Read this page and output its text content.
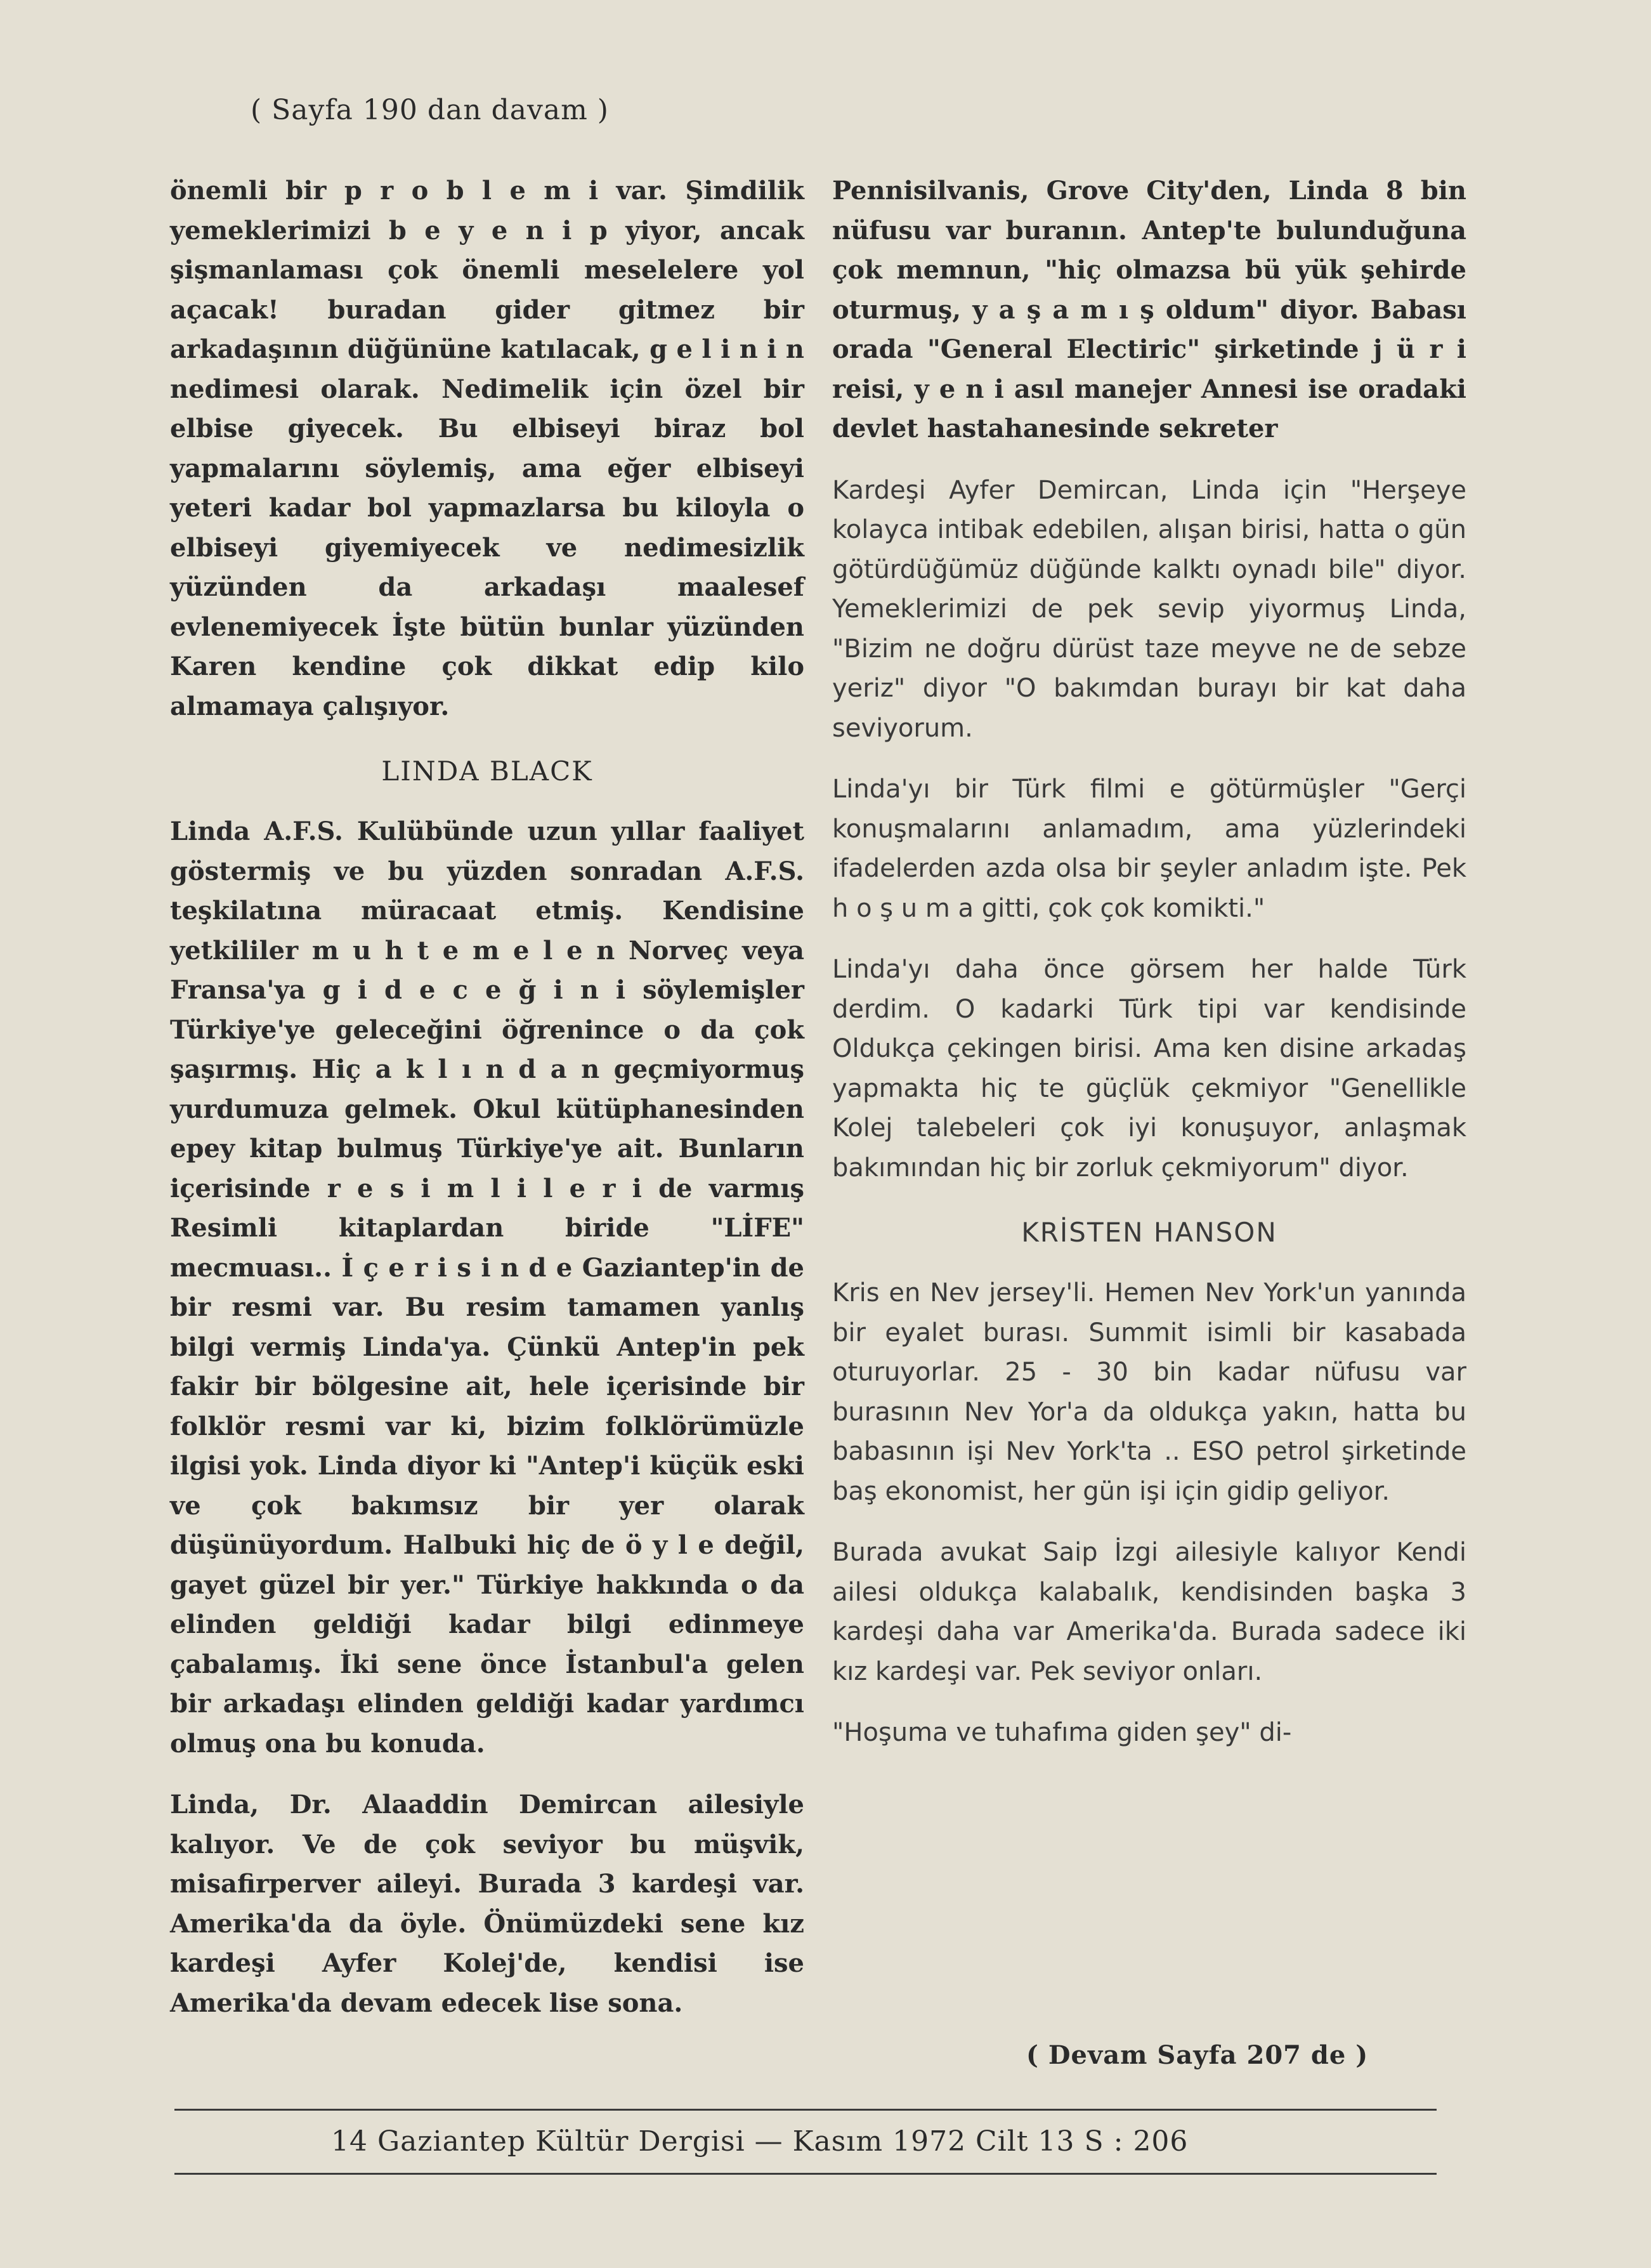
( Sayfa 190 dan davam )

önemli bir p r o b l e m i var. Şimdilik yemeklerimizi b e y e n i p yiyor, ancak şişmanlaması çok önemli meselelere yol açacak! buradan gider gitmez bir arkadaşının düğününe katılacak, g e l i n i n nedimesi olarak. Nedimelik için özel bir elbise giyecek. Bu elbiseyi biraz bol yapmalarını söylemiş, ama eğer elbiseyi yeteri kadar bol yapmazlarsa bu kiloyla o elbiseyi giyemiyecek ve nedimesizlik yüzünden da arkadaşı maalesef evlenemiyecek İşte bütün bunlar yüzünden Karen kendine çok dikkat edip kilo almamaya çalışıyor.

LINDA BLACK

Linda A.F.S. Kulübünde uzun yıllar faaliyet göstermiş ve bu yüzden sonradan A.F.S. teşkilatına müracaat etmiş. Kendisine yetkililer m u h t e m e l e n Norveç veya Fransa'ya g i d e c e ğ i n i söylemişler Türkiye'ye geleceğini öğrenince o da çok şaşırmış. Hiç a k l ı n d a n geçmiyormuş yurdumuza gelmek. Okul kütüphanesinden epey kitap bulmuş Türkiye'ye ait. Bunların içerisinde r e s i m l i l e r i de varmış Resimli kitaplardan biride "LİFE" mecmuası.. İ ç e r i s i n d e Gaziantep'in de bir resmi var. Bu resim tamamen yanlış bilgi vermiş Linda'ya. Çünkü Antep'in pek fakir bir bölgesine ait, hele içerisinde bir folklör resmi var ki, bizim folklörümüzle ilgisi yok. Linda diyor ki "Antep'i küçük eski ve çok bakımsız bir yer olarak düşünüyordum. Halbuki hiç de ö y l e değil, gayet güzel bir yer." Türkiye hakkında o da elinden geldiği kadar bilgi edinmeye çabalamış. İki sene önce İstanbul'a gelen bir arkadaşı elinden geldiği kadar yardımcı olmuş ona bu konuda.

Linda, Dr. Alaaddin Demircan ailesiyle kalıyor. Ve de çok seviyor bu müşvik, misafirperver aileyi. Burada 3 kardeşi var. Amerika'da da öyle. Önümüzdeki sene kız kardeşi Ayfer Kolej'de, kendisi ise Amerika'da devam edecek lise sona.

Pennisilvanis, Grove City'den, Linda 8 bin nüfusu var buranın. Antep'te bulunduğuna çok memnun, "hiç olmazsa bü yük şehirde oturmuş, y a ş a m ı ş oldum" diyor. Babası orada "General Electiric" şirketinde j ü r i reisi, y e n i asıl manejer Annesi ise oradaki devlet hastahanesinde sekreter

Kardeşi Ayfer Demircan, Linda için "Herşeye kolayca intibak edebilen, alışan birisi, hatta o gün götürdüğümüz düğünde kalktı oynadı bile" diyor. Yemeklerimizi de pek sevip yiyormuş Linda, "Bizim ne doğru dürüst taze meyve ne de sebze yeriz" diyor "O bakımdan burayı bir kat daha seviyorum.

Linda'yı bir Türk filmi e götürmüşler "Gerçi konuşmalarını anlamadım, ama yüzlerindeki ifadelerden azda olsa bir şeyler anladım işte. Pek h o ş u m a gitti, çok çok komikti."

Linda'yı daha önce görsem her halde Türk derdim. O kadarki Türk tipi var kendisinde Oldukça çekingen birisi. Ama ken disine arkadaş yapmakta hiç te güçlük çekmiyor "Genellikle Kolej talebeleri çok iyi konuşuyor, anlaşmak bakımından hiç bir zorluk çekmiyorum" diyor.

KRİSTEN HANSON

Kris en Nev jersey'li. Hemen Nev York'un yanında bir eyalet burası. Summit isimli bir kasabada oturuyorlar. 25 - 30 bin kadar nüfusu var burasının Nev Yor'a da oldukça yakın, hatta bu babasının işi Nev York'ta .. ESO petrol şirketinde baş ekonomist, her gün işi için gidip geliyor.

Burada avukat Saip İzgi ailesiyle kalıyor Kendi ailesi oldukça kalabalık, kendisinden başka 3 kardeşi daha var Amerika'da. Burada sadece iki kız kardeşi var. Pek seviyor onları.

"Hoşuma ve tuhafıma giden şey" di-

( Devam Sayfa 207 de )
14 Gaziantep Kültür Dergisi — Kasım 1972 Cilt 13 S : 206
